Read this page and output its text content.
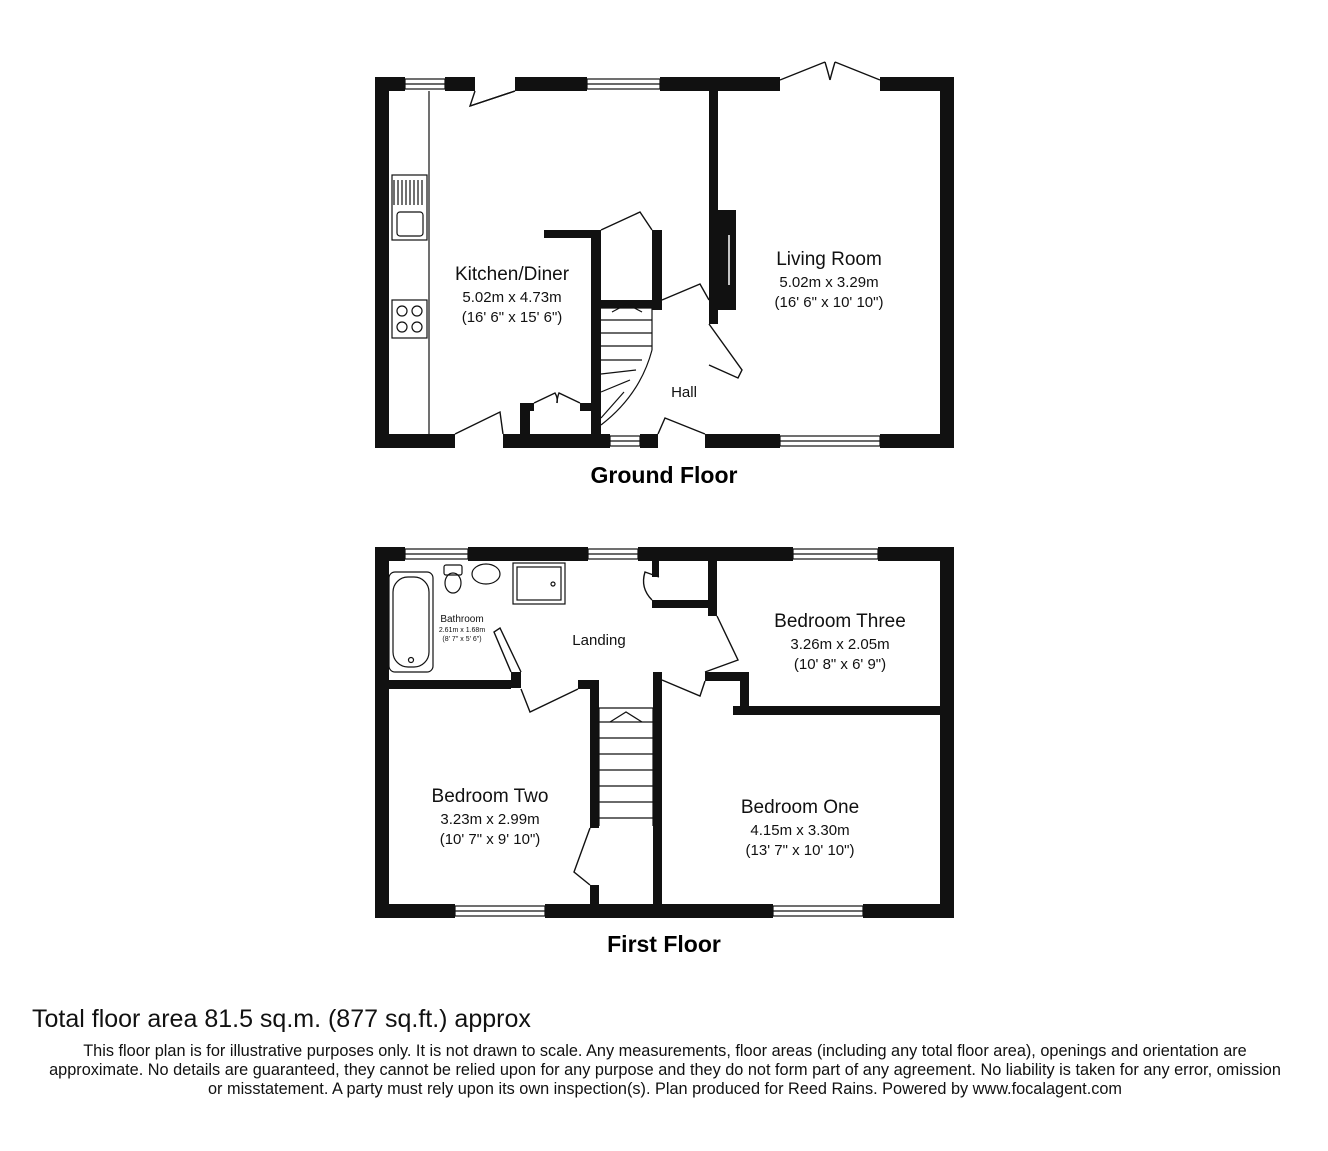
Kitchen/Diner
5.02m x 4.73m
(16' 6" x 15' 6")
Living Room
5.02m x 3.29m
(16' 6" x 10' 10")
Hall
Ground Floor
Bathroom
2.61m x 1.68m
(8' 7" x 5' 6")	Landing
Bedroom Three
3.26m x 2.05m
(10' 8" x 6' 9")
Bedroom Two
3.23m x 2.99m
(10' 7" x 9' 10")
Bedroom One
4.15m x 3.30m
(13' 7" x 10' 10")
First Floor
Total floor area 81.5 sq.m. (877 sq.ft.) approx
This floor plan is for illustrative purposes only. It is not drawn to scale. Any measurements, floor areas (including any total floor area), openings and orientation are approximate. No details are guaranteed, they cannot be relied upon for any purpose and they do not form part of any agreement. No liability is taken for any error, omission or misstatement. A party must rely upon its own inspection(s). Plan produced for Reed Rains. Powered by www.focalagent.com
